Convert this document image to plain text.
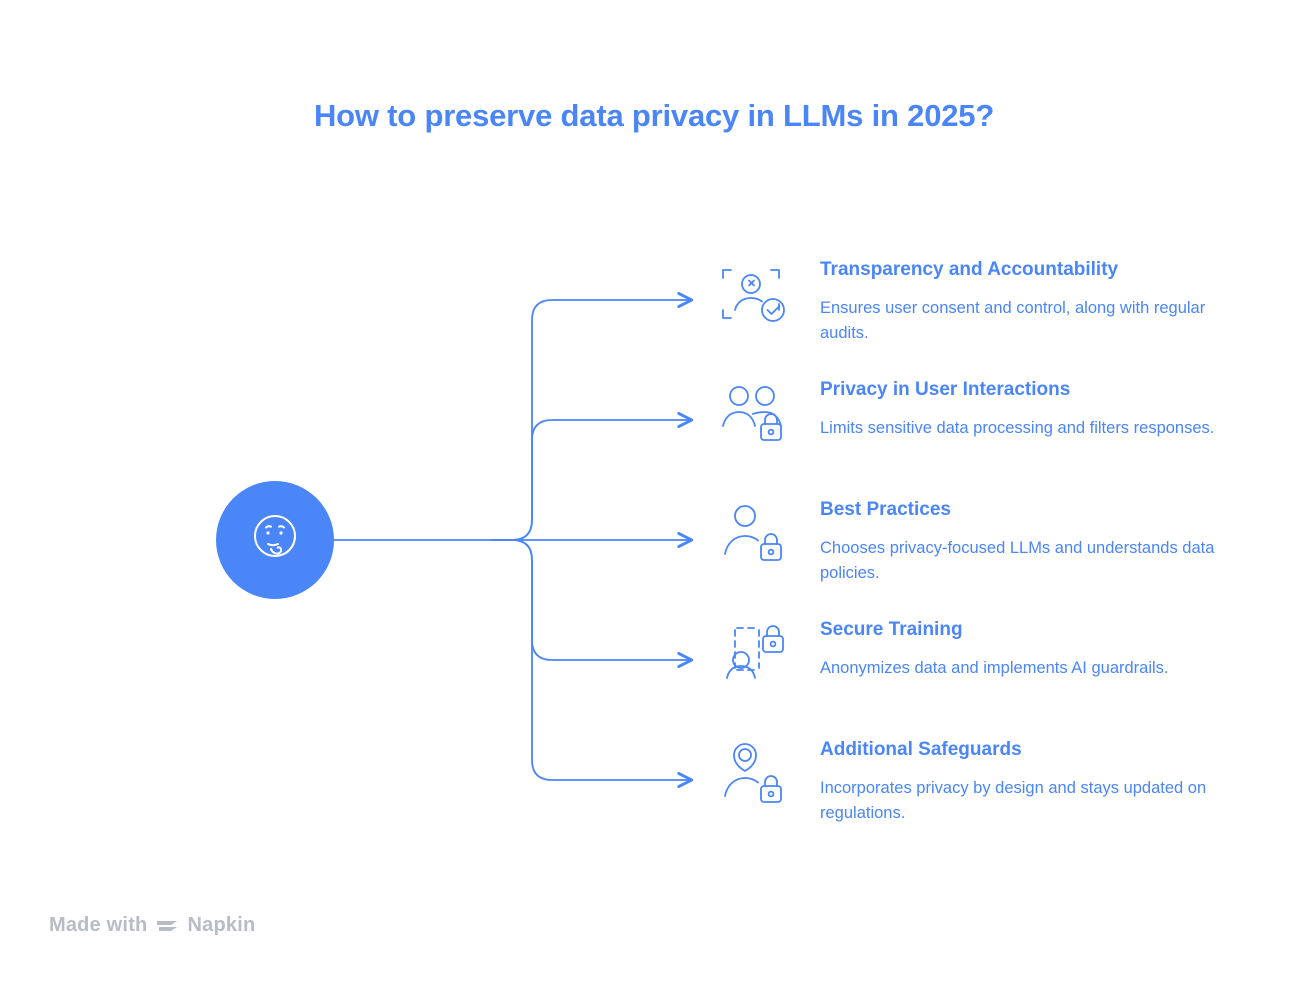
How to preserve data privacy in LLMs in 2025?
Transparency and Accountability

Ensures user consent and control, along with regular audits.

Privacy in User Interactions

Limits sensitive data processing and filters responses.

Best Practices

Chooses privacy-focused LLMs and understands data policies.

Secure Training

Anonymizes data and implements AI guardrails.

Additional Safeguards

Incorporates privacy by design and stays updated on regulations.

Made with Napkin
